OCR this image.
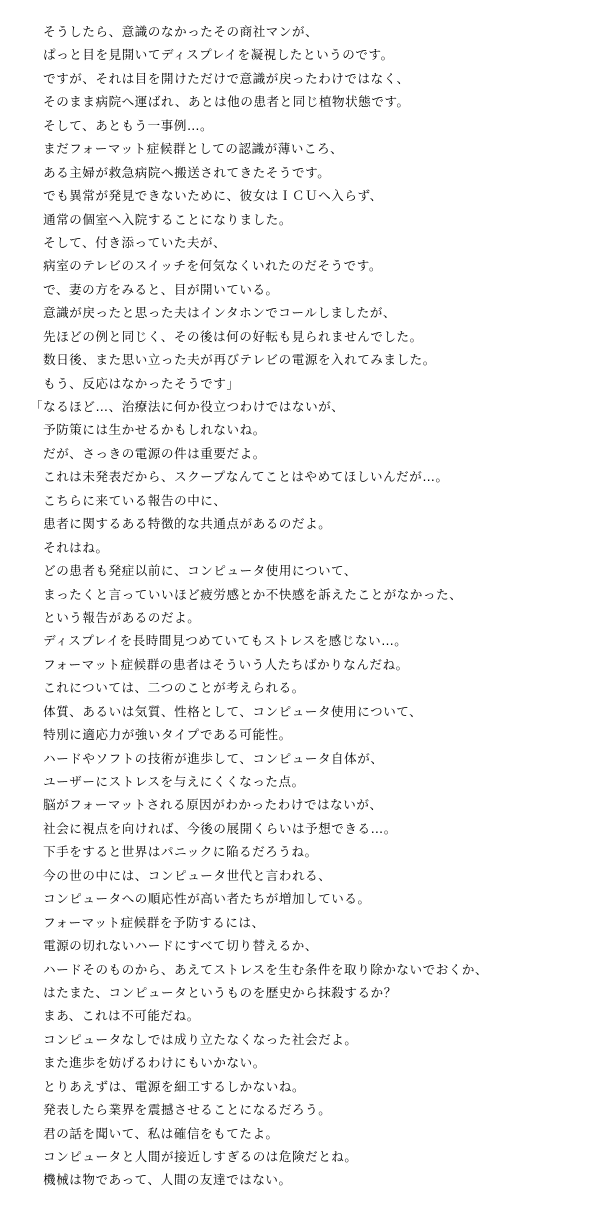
　そうしたら、意識のなかったその商社マンが、
　ぱっと目を見開いてディスプレイを凝視したというのです。
　ですが、それは目を開けただけで意識が戻ったわけではなく、
　そのまま病院へ運ばれ、あとは他の患者と同じ植物状態です。
　そして、あともう一事例…。
　まだフォーマット症候群としての認識が薄いころ、
　ある主婦が救急病院へ搬送されてきたそうです。
　でも異常が発見できないために、彼女はＩＣＵへ入らず、
　通常の個室へ入院することになりました。
　そして、付き添っていた夫が、
　病室のテレビのスイッチを何気なくいれたのだそうです。
　で、妻の方をみると、目が開いている。
　意識が戻ったと思った夫はインタホンでコールしましたが、
　先ほどの例と同じく、その後は何の好転も見られませんでした。
　数日後、また思い立った夫が再びテレビの電源を入れてみました。
　もう、反応はなかったそうです」
「なるほど…、治療法に何か役立つわけではないが、
　予防策には生かせるかもしれないね。
　だが、さっきの電源の件は重要だよ。
　これは未発表だから、スクープなんてことはやめてほしいんだが…。
　こちらに来ている報告の中に、
　患者に関するある特徴的な共通点があるのだよ。
　それはね。
　どの患者も発症以前に、コンピュータ使用について、
　まったくと言っていいほど疲労感とか不快感を訴えたことがなかった、
　という報告があるのだよ。
　ディスプレイを長時間見つめていてもストレスを感じない…。
　フォーマット症候群の患者はそういう人たちばかりなんだね。
　これについては、二つのことが考えられる。
　体質、あるいは気質、性格として、コンピュータ使用について、
　特別に適応力が強いタイプである可能性。
　ハードやソフトの技術が進歩して、コンピュータ自体が、
　ユーザーにストレスを与えにくくなった点。
　脳がフォーマットされる原因がわかったわけではないが、
　社会に視点を向ければ、今後の展開くらいは予想できる…。
　下手をすると世界はパニックに陥るだろうね。
　今の世の中には、コンピュータ世代と言われる、
　コンピュータへの順応性が高い者たちが増加している。
　フォーマット症候群を予防するには、
　電源の切れないハードにすべて切り替えるか、
　ハードそのものから、あえてストレスを生む条件を取り除かないでおくか、
　はたまた、コンピュータというものを歴史から抹殺するか？
　まあ、これは不可能だね。
　コンピュータなしでは成り立たなくなった社会だよ。
　また進歩を妨げるわけにもいかない。
　とりあえずは、電源を細工するしかないね。
　発表したら業界を震撼させることになるだろう。
　君の話を聞いて、私は確信をもてたよ。
　コンピュータと人間が接近しすぎるのは危険だとね。
　機械は物であって、人間の友達ではない。
